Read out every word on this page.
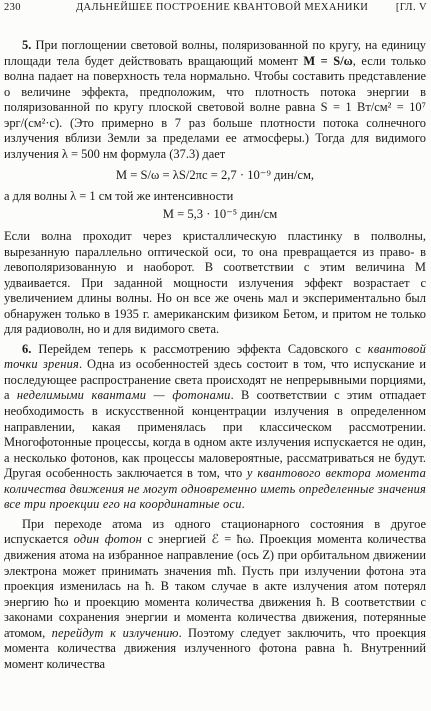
230	ДАЛЬНЕЙШЕЕ ПОСТРОЕНИЕ КВАНТОВОЙ МЕХАНИКИ	[ГЛ. V

5. При поглощении световой волны, поляризованной по кругу, на единицу площади тела будет действовать вращающий момент M = S/ω, если только волна падает на поверхность тела нормально. Чтобы составить представление о величине эффекта, предположим, что плотность потока энергии в поляризованной по кругу плоской световой волне равна S = 1 Вт/см² = 10⁷ эрг/(см²·с). (Это примерно в 7 раз больше плотности потока солнечного излучения вблизи Земли за пределами ее атмосферы.) Тогда для видимого излучения λ = 500 нм формула (37.3) дает

M = S/ω = λS/2πc = 2,7 · 10⁻⁹ дин/см,

а для волны λ = 1 см той же интенсивности

M = 5,3 · 10⁻⁵ дин/см

Если волна проходит через кристаллическую пластинку в полволны, вырезанную параллельно оптической оси, то она превращается из право- в левополяризованную и наоборот. В соответствии с этим величина M удваивается. При заданной мощности излучения эффект возрастает с увеличением длины волны. Но он все же очень мал и экспериментально был обнаружен только в 1935 г. американским физиком Бетом, и притом не только для радиоволн, но и для видимого света.

6. Перейдем теперь к рассмотрению эффекта Садовского с квантовой точки зрения. Одна из особенностей здесь состоит в том, что испускание и последующее распространение света происходят не непрерывными порциями, а неделимыми квантами — фотонами. В соответствии с этим отпадает необходимость в искусственной концентрации излучения в определенном направлении, какая применялась при классическом рассмотрении. Многофотонные процессы, когда в одном акте излучения испускается не один, а несколько фотонов, как процессы маловероятные, рассматриваться не будут. Другая особенность заключается в том, что у квантового вектора момента количества движения не могут одновременно иметь определенные значения все три проекции его на координатные оси.

При переходе атома из одного стационарного состояния в другое испускается один фотон с энергией ℰ = ħω. Проекция момента количества движения атома на избранное направление (ось Z) при орбитальном движении электрона может принимать значения mħ. Пусть при излучении фотона эта проекция изменилась на ħ. В таком случае в акте излучения атом потерял энергию ħω и проекцию момента количества движения ħ. В соответствии с законами сохранения энергии и момента количества движения, потерянные атомом, перейдут к излучению. Поэтому следует заключить, что проекция момента количества движения излученного фотона равна ħ. Внутренний момент количества
